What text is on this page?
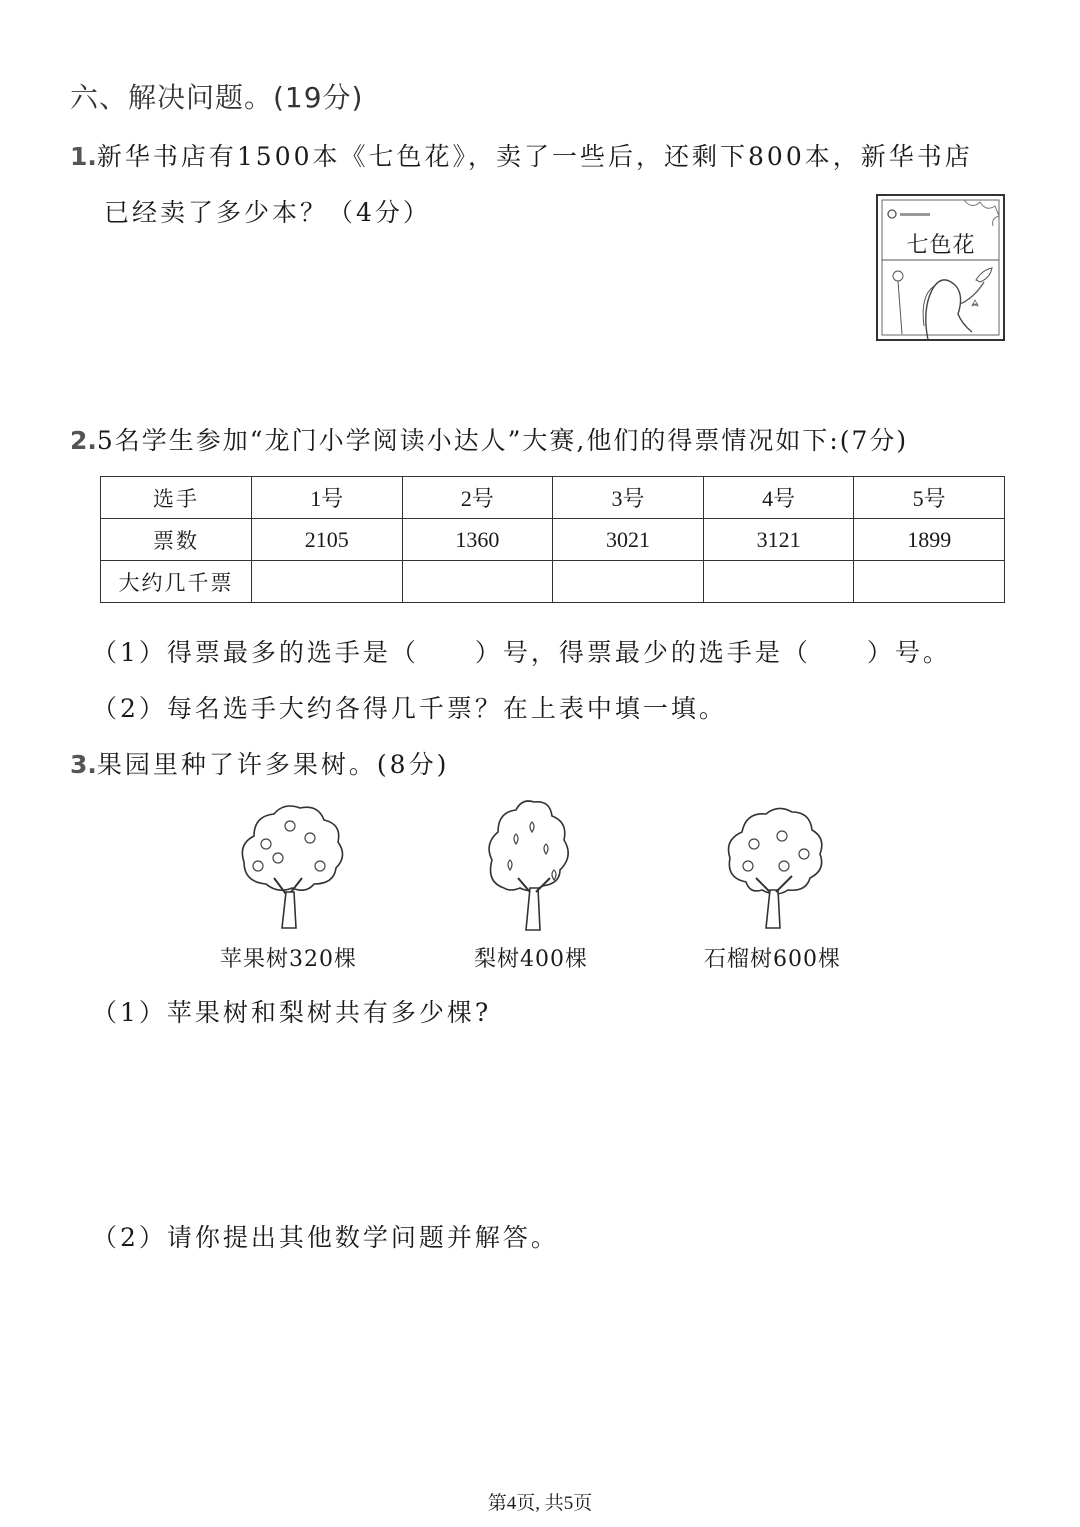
六、解决问题。(19分)
1.新华书店有1500本《七色花》，卖了一些后，还剩下800本，新华书店
已经卖了多少本？（4分）
七色花
2.5名学生参加“龙门小学阅读小达人”大赛,他们的得票情况如下:(7分)
选手	1号	2号	3号	4号	5号
票数	2105	1360	3021	3121	1899
大约几千票					
（1）得票最多的选手是（　　）号，得票最少的选手是（　　）号。
（2）每名选手大约各得几千票？在上表中填一填。
3.果园里种了许多果树。(8分)
苹果树320棵	梨树400棵	石榴树600棵
（1）苹果树和梨树共有多少棵?
（2）请你提出其他数学问题并解答。
第4页, 共5页
